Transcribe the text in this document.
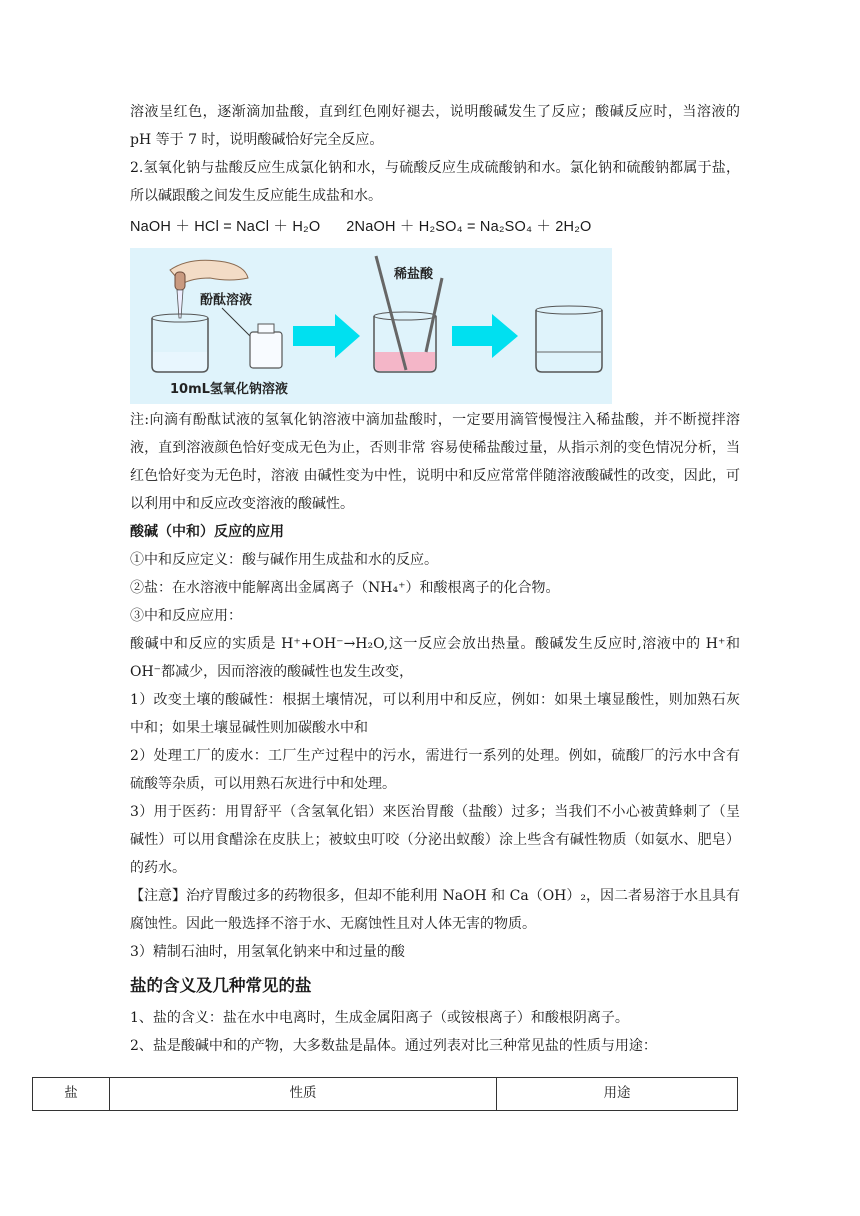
溶液呈红色，逐渐滴加盐酸，直到红色刚好褪去，说明酸碱发生了反应；酸碱反应时，当溶液的 pH 等于 7 时，说明酸碱恰好完全反应。

2.氢氧化钠与盐酸反应生成氯化钠和水，与硫酸反应生成硫酸钠和水。氯化钠和硫酸钠都属于盐，所以碱跟酸之间发生反应能生成盐和水。

NaOH ＋ HCl = NaCl ＋ H₂O 2NaOH ＋ H₂SO₄ = Na₂SO₄ ＋ 2H₂O
酚酞溶液
稀盐酸
10mL氢氧化钠溶液

注:向滴有酚酞试液的氢氧化钠溶液中滴加盐酸时，一定要用滴管慢慢注入稀盐酸，并不断搅拌溶液，直到溶液颜色恰好变成无色为止，否则非常 容易使稀盐酸过量，从指示剂的变色情况分析，当红色恰好变为无色时，溶液 由碱性变为中性，说明中和反应常常伴随溶液酸碱性的改变，因此，可以利用中和反应改变溶液的酸碱性。

酸碱（中和）反应的应用

①中和反应定义：酸与碱作用生成盐和水的反应。

②盐：在水溶液中能解离出金属离子（NH₄⁺）和酸根离子的化合物。

③中和反应应用：

酸碱中和反应的实质是 H⁺+OH⁻→H₂O,这一反应会放出热量。酸碱发生反应时,溶液中的 H⁺和 OH⁻都减少，因而溶液的酸碱性也发生改变，

1）改变土壤的酸碱性：根据土壤情况，可以利用中和反应，例如：如果土壤显酸性，则加熟石灰中和；如果土壤显碱性则加碳酸水中和

2）处理工厂的废水：工厂生产过程中的污水，需进行一系列的处理。例如，硫酸厂的污水中含有硫酸等杂质，可以用熟石灰进行中和处理。

3）用于医药：用胃舒平（含氢氧化铝）来医治胃酸（盐酸）过多；当我们不小心被黄蜂刺了（呈碱性）可以用食醋涂在皮肤上；被蚊虫叮咬（分泌出蚁酸）涂上些含有碱性物质（如氨水、肥皂）的药水。

【注意】治疗胃酸过多的药物很多，但却不能利用 NaOH 和 Ca（OH）₂，因二者易溶于水且具有腐蚀性。因此一般选择不溶于水、无腐蚀性且对人体无害的物质。

3）精制石油时，用氢氧化钠来中和过量的酸

盐的含义及几种常见的盐

1、盐的含义：盐在水中电离时，生成金属阳离子（或铵根离子）和酸根阴离子。

2、盐是酸碱中和的产物，大多数盐是晶体。通过列表对比三种常见盐的性质与用途：

盐	性质	用途
